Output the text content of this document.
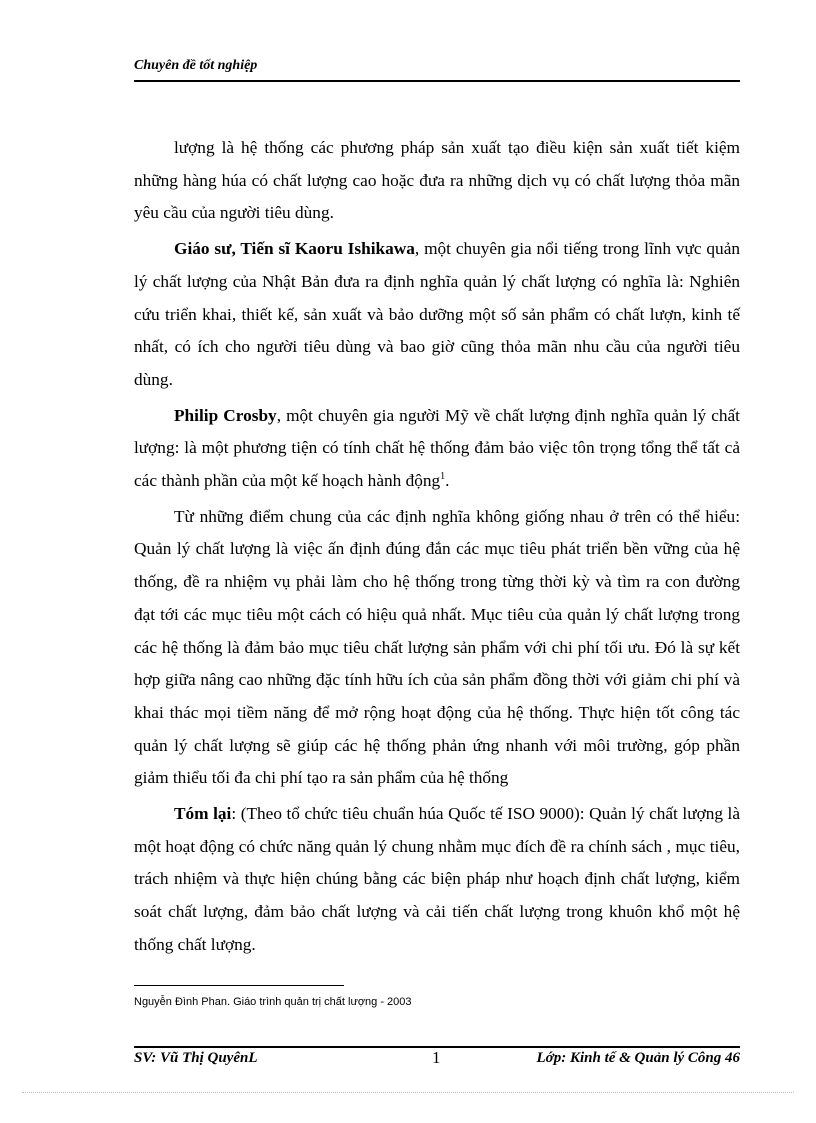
Chuyên đề tốt nghiệp

lượng là hệ thống các phương pháp sản xuất tạo điều kiện sản xuất tiết kiệm những hàng húa có chất lượng cao hoặc đưa ra những dịch vụ có chất lượng thỏa mãn yêu cầu của người tiêu dùng.

Giáo sư, Tiến sĩ Kaoru Ishikawa, một chuyên gia nổi tiếng trong lĩnh vực quản lý chất lượng của Nhật Bản đưa ra định nghĩa quản lý chất lượng có nghĩa là: Nghiên cứu triển khai, thiết kế, sản xuất và bảo dưỡng một số sản phẩm có chất lượn, kinh tế nhất, có ích cho người tiêu dùng và bao giờ cũng thỏa mãn nhu cầu của người tiêu dùng.

Philip Crosby, một chuyên gia người Mỹ về chất lượng định nghĩa quản lý chất lượng: là một phương tiện có tính chất hệ thống đảm bảo việc tôn trọng tổng thể tất cả các thành phần của một kế hoạch hành động$^1$.

Từ những điểm chung của các định nghĩa không giống nhau ở trên có thể hiểu: Quản lý chất lượng là việc ấn định đúng đắn các mục tiêu phát triển bền vững của hệ thống, đề ra nhiệm vụ phải làm cho hệ thống trong từng thời kỳ và tìm ra con đường đạt tới các mục tiêu một cách có hiệu quả nhất. Mục tiêu của quản lý chất lượng trong các hệ thống là đảm bảo mục tiêu chất lượng sản phẩm với chi phí tối ưu. Đó là sự kết hợp giữa nâng cao những đặc tính hữu ích của sản phẩm đồng thời với giảm chi phí và khai thác mọi tiềm năng để mở rộng hoạt động của hệ thống. Thực hiện tốt công tác quản lý chất lượng sẽ giúp các hệ thống phản ứng nhanh với môi trường, góp phần giảm thiểu tối đa chi phí tạo ra sản phẩm của hệ thống

Tóm lại: (Theo tổ chức tiêu chuẩn húa Quốc tế ISO 9000): Quản lý chất lượng là một hoạt động có chức năng quản lý chung nhằm mục đích đề ra chính sách , mục tiêu, trách nhiệm và thực hiện chúng bằng các biện pháp như hoạch định chất lượng, kiểm soát chất lượng, đảm bảo chất lượng và cải tiến chất lượng trong khuôn khổ một hệ thống chất lượng.

Nguyễn Đình Phan. Giáo trình quản trị chất lượng - 2003
SV: Vũ Thị QuyênL	1	Lớp: Kinh tế & Quản lý Công 46
